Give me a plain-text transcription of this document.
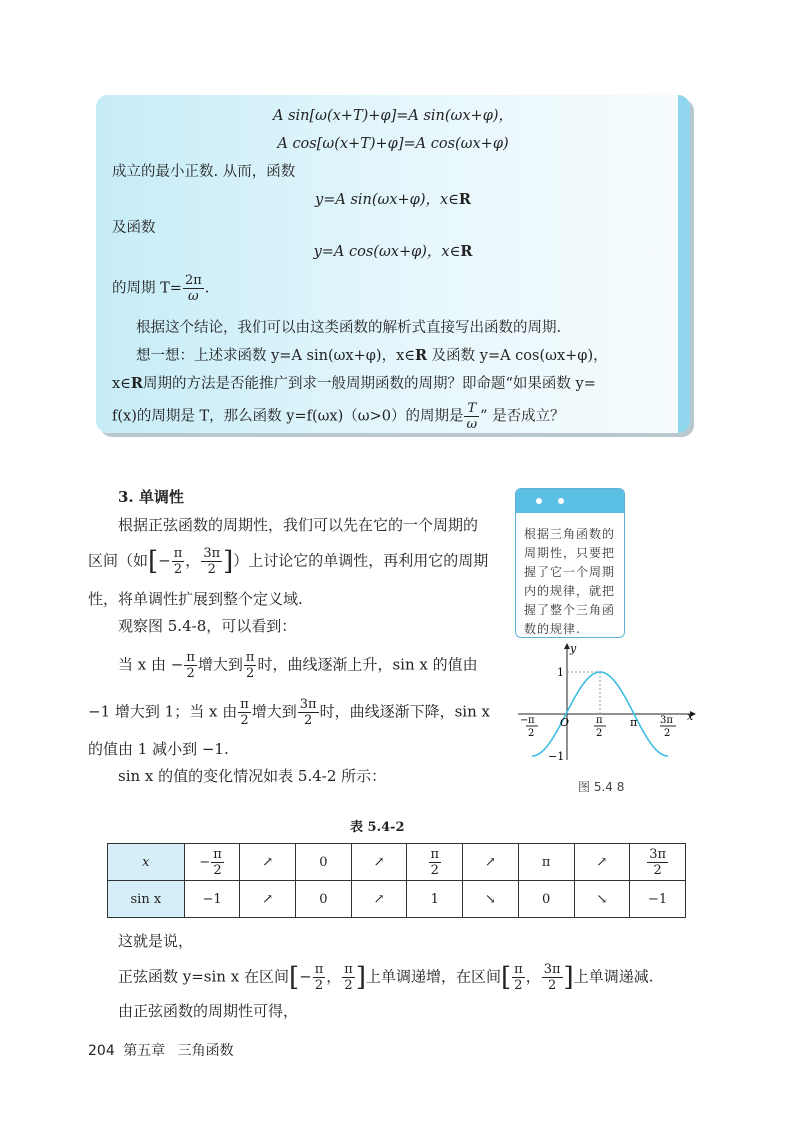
A sin[ω(x+T)+φ]=A sin(ωx+φ)，
A cos[ω(x+T)+φ]=A cos(ωx+φ)
成立的最小正数. 从而，函数
y=A sin(ωx+φ)，x∈R
及函数
y=A cos(ωx+φ)，x∈R
的周期 $T= \frac{2\pi}{\omega}$ .
根据这个结论，我们可以由这类函数的解析式直接写出函数的周期.
想一想：上述求函数 y=A sin(ωx+φ)，x∈R 及函数 y=A cos(ωx+φ)，
x∈R周期的方法是否能推广到求一般周期函数的周期？即命题“如果函数 y=
f(x)的周期是 T，那么函数 y=f(ωx)（ω>0）的周期是 $\frac{T}{\omega}$ ” 是否成立？
3. 单调性
根据正弦函数的周期性，我们可以先在它的一个周期的
区间（如[− $\frac{\pi}{2}$ ， $\frac{3\pi}{2}$ ]）上讨论它的单调性，再利用它的周期
性，将单调性扩展到整个定义域.
观察图 5.4-8，可以看到：
当 x 由 − $\frac{\pi}{2}$ 增大到 $\frac{\pi}{2}$ 时，曲线逐渐上升，sin x 的值由
−1 增大到 1；当 x 由 $\frac{\pi}{2}$ 增大到 $\frac{3\pi}{2}$ 时，曲线逐渐下降，sin x
的值由 1 减小到 −1.
sin x 的值的变化情况如表 5.4-2 所示：
根据三角函数的周期性，只要把握了它一个周期内的规律，就把握了整个三角函数的规律.
y
x
1
−1
O	π
− π
2
π
2
3π
2
图 5.4 8
表 5.4-2
x	− $\frac{\pi}{2}$	↗	0	↗	$\frac{\pi}{2}$	↗	π	↗	$\frac{3\pi}{2}$

sin x	−1	↗	0	↗	1	↘	0	↘	−1
这就是说，
正弦函数 y=sin x 在区间[− $\frac{\pi}{2}$ ， $\frac{\pi}{2}$ ]上单调递增，在区间[ $\frac{\pi}{2}$ ， $\frac{3\pi}{2}$ ]上单调递减.
由正弦函数的周期性可得，
204 第五章 三角函数
